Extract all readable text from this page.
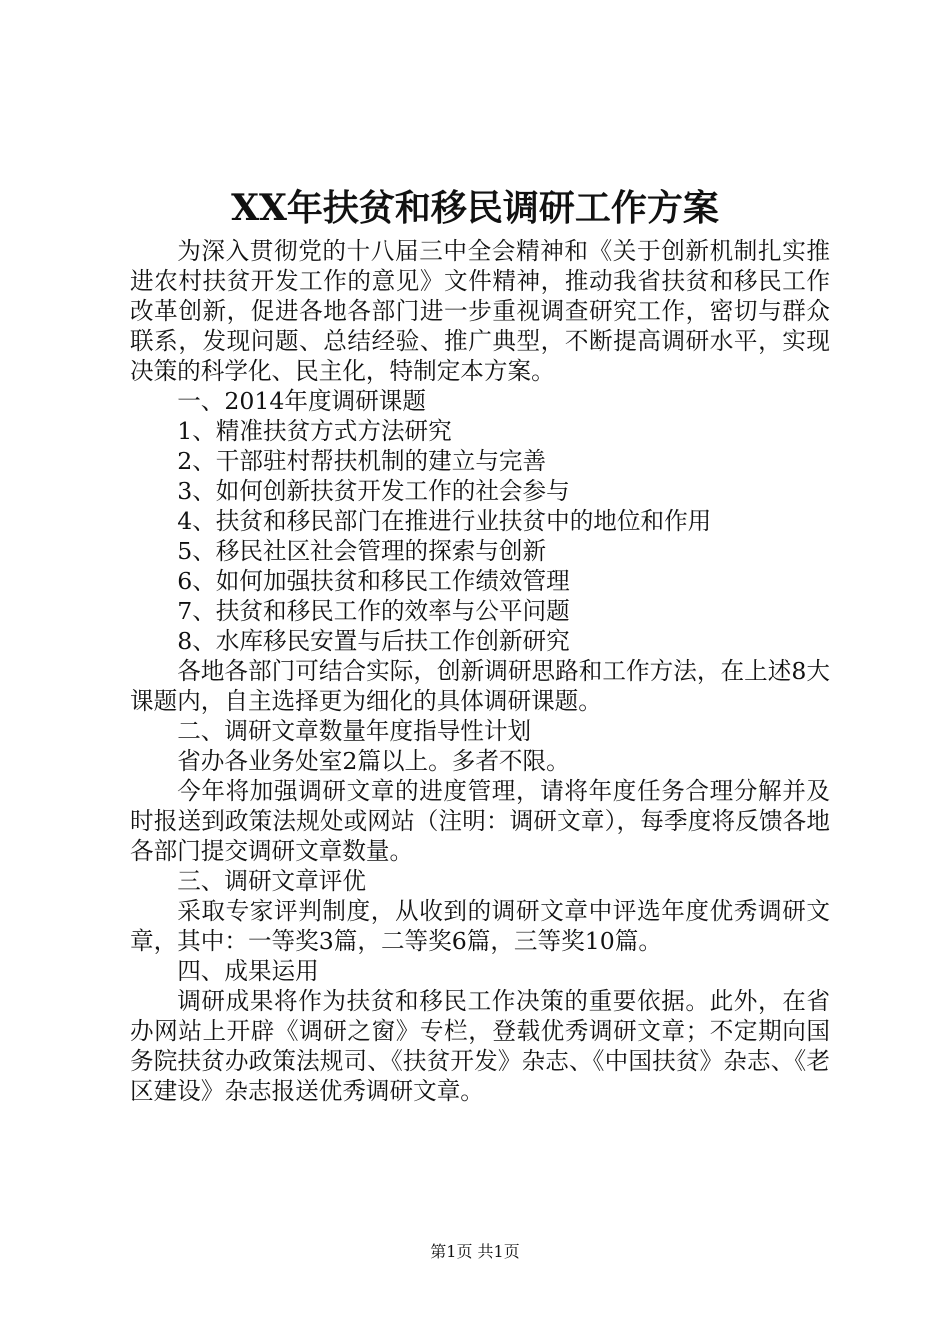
XX年扶贫和移民调研工作方案

为深入贯彻党的十八届三中全会精神和《关于创新机制扎实推进农村扶贫开发工作的意见》文件精神，推动我省扶贫和移民工作改革创新，促进各地各部门进一步重视调查研究工作，密切与群众联系，发现问题、总结经验、推广典型，不断提高调研水平，实现决策的科学化、民主化，特制定本方案。

一、2014年度调研课题

1、精准扶贫方式方法研究

2、干部驻村帮扶机制的建立与完善

3、如何创新扶贫开发工作的社会参与

4、扶贫和移民部门在推进行业扶贫中的地位和作用

5、移民社区社会管理的探索与创新

6、如何加强扶贫和移民工作绩效管理

7、扶贫和移民工作的效率与公平问题

8、水库移民安置与后扶工作创新研究

各地各部门可结合实际，创新调研思路和工作方法，在上述8大课题内，自主选择更为细化的具体调研课题。

二、调研文章数量年度指导性计划

省办各业务处室2篇以上。多者不限。

今年将加强调研文章的进度管理，请将年度任务合理分解并及时报送到政策法规处或网站（注明：调研文章），每季度将反馈各地各部门提交调研文章数量。

三、调研文章评优

采取专家评判制度，从收到的调研文章中评选年度优秀调研文章，其中：一等奖3篇，二等奖6篇，三等奖10篇。

四、成果运用

调研成果将作为扶贫和移民工作决策的重要依据。此外，在省办网站上开辟《调研之窗》专栏，登载优秀调研文章；不定期向国务院扶贫办政策法规司、《扶贫开发》杂志、《中国扶贫》杂志、《老区建设》杂志报送优秀调研文章。

第1页 共1页
